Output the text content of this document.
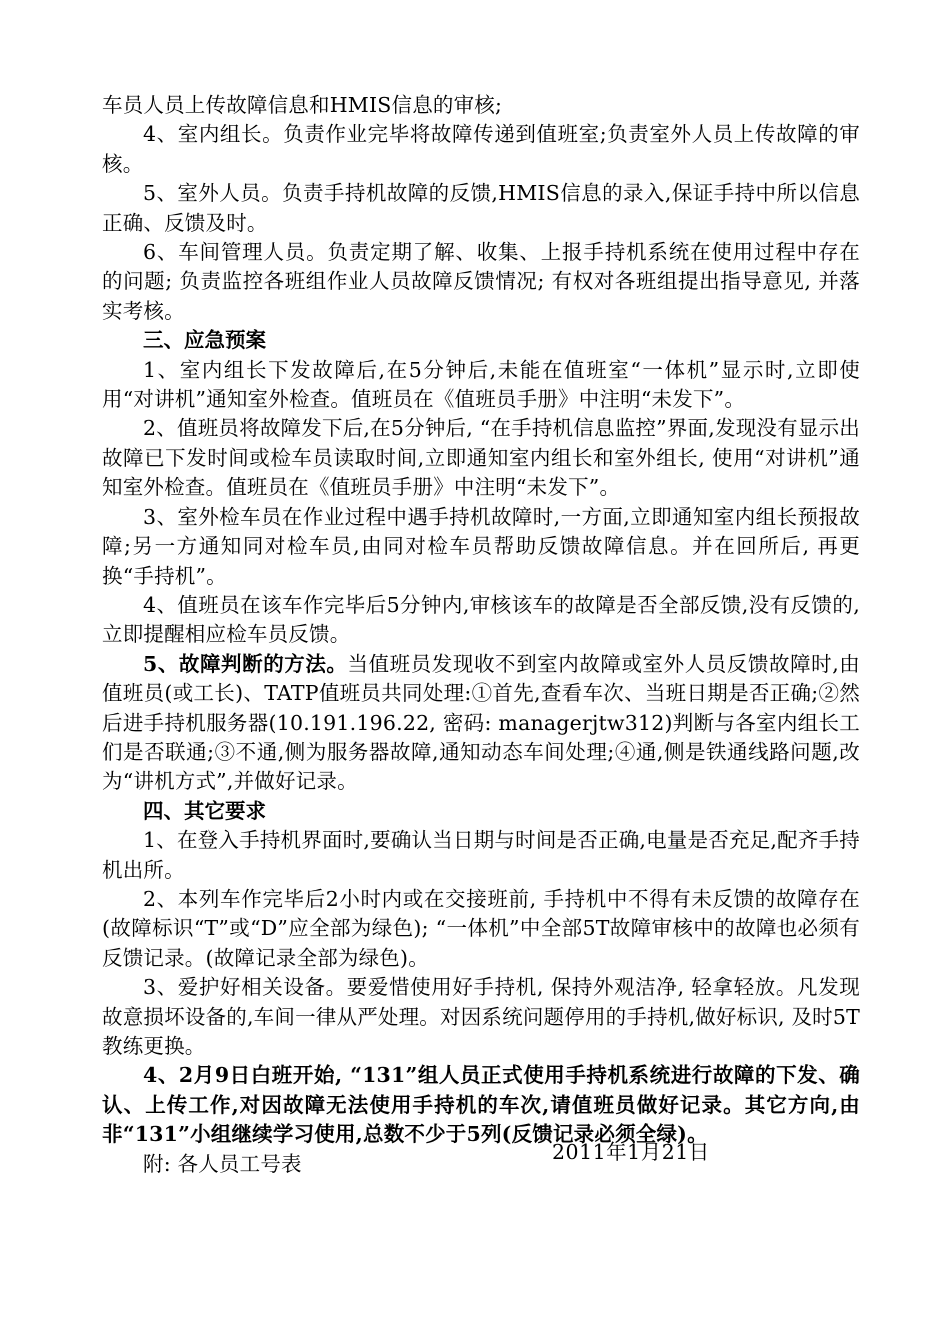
车员人员上传故障信息和HMIS信息的审核;

4、室内组长。负责作业完毕将故障传递到值班室;负责室外人员上传故障的审核。

5、室外人员。负责手持机故障的反馈,HMIS信息的录入,保证手持中所以信息正确、反馈及时。

6、车间管理人员。负责定期了解、收集、上报手持机系统在使用过程中存在的问题; 负责监控各班组作业人员故障反馈情况; 有权对各班组提出指导意见, 并落实考核。

三、应急预案

1、室内组长下发故障后,在5分钟后,未能在值班室“一体机”显示时,立即使用“对讲机”通知室外检查。值班员在《值班员手册》中注明“未发下”。

2、值班员将故障发下后,在5分钟后, “在手持机信息监控”界面,发现没有显示出故障已下发时间或检车员读取时间,立即通知室内组长和室外组长, 使用“对讲机”通知室外检查。值班员在《值班员手册》中注明“未发下”。

3、室外检车员在作业过程中遇手持机故障时,一方面,立即通知室内组长预报故障;另一方通知同对检车员,由同对检车员帮助反馈故障信息。并在回所后, 再更换“手持机”。

4、值班员在该车作完毕后5分钟内,审核该车的故障是否全部反馈,没有反馈的, 立即提醒相应检车员反馈。

5、故障判断的方法。当值班员发现收不到室内故障或室外人员反馈故障时,由值班员(或工长)、TATP值班员共同处理:①首先,查看车次、当班日期是否正确;②然后进手持机服务器(10.191.196.22, 密码: managerjtw312)判断与各室内组长工们是否联通;③不通,侧为服务器故障,通知动态车间处理;④通,侧是铁通线路问题,改为“讲机方式”,并做好记录。

四、其它要求

1、在登入手持机界面时,要确认当日期与时间是否正确,电量是否充足,配齐手持机出所。

2、本列车作完毕后2小时内或在交接班前, 手持机中不得有未反馈的故障存在(故障标识“T”或“D”应全部为绿色); “一体机”中全部5T故障审核中的故障也必须有反馈记录。(故障记录全部为绿色)。

3、爱护好相关设备。要爱惜使用好手持机, 保持外观洁净, 轻拿轻放。凡发现故意损坏设备的,车间一律从严处理。对因系统问题停用的手持机,做好标识, 及时5T教练更换。

4、2月9日白班开始, “131”组人员正式使用手持机系统进行故障的下发、确认、上传工作,对因故障无法使用手持机的车次,请值班员做好记录。其它方向,由非“131”小组继续学习使用,总数不少于5列(反馈记录必须全绿)。

附: 各人员工号表	2011年1月21日
